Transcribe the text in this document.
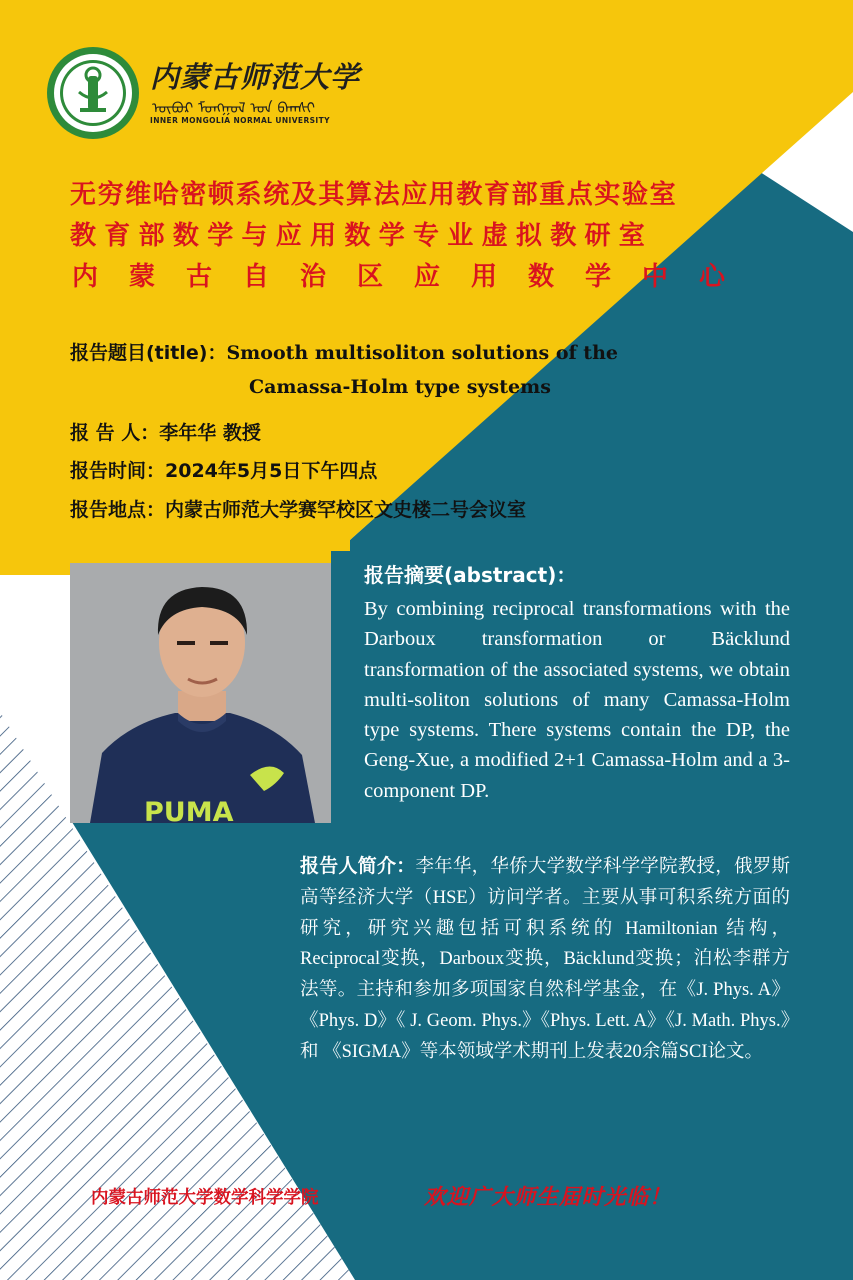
内蒙古师范大学
ᠥᠪᠦᠷ ᠮᠣᠩᠭᠣᠯ ᠤᠨ ᠪᠠᠭᠰᠢ
INNER MONGOLIA NORMAL UNIVERSITY
无穷维哈密顿系统及其算法应用教育部重点实验室
教育部数学与应用数学专业虚拟教研室
内蒙古自治区应用数学中心
报告题目(title)：Smooth multisoliton solutions of the
Camassa-Holm type systems
报 告 人：李年华 教授
报告时间：2024年5月5日下午四点
报告地点：内蒙古师范大学赛罕校区文史楼二号会议室
PUMA
报告摘要(abstract)：
By combining reciprocal transformations with the Darboux transformation or Bäcklund transformation of the associated systems, we obtain multi-soliton solutions of many Camassa-Holm type systems. There systems contain the DP, the Geng-Xue, a modified 2+1 Camassa-Holm and a 3-component DP.
报告人简介：李年华，华侨大学数学科学学院教授，俄罗斯高等经济大学（HSE）访问学者。主要从事可积系统方面的研究，研究兴趣包括可积系统的 Hamiltonian 结构，Reciprocal变换，Darboux变换，Bäcklund变换；泊松李群方法等。主持和参加多项国家自然科学基金，在《J. Phys. A》《Phys. D》《 J. Geom. Phys.》《Phys. Lett. A》《J. Math. Phys.》和 《SIGMA》等本领域学术期刊上发表20余篇SCI论文。
内蒙古师范大学数学科学学院	欢迎广大师生届时光临！
